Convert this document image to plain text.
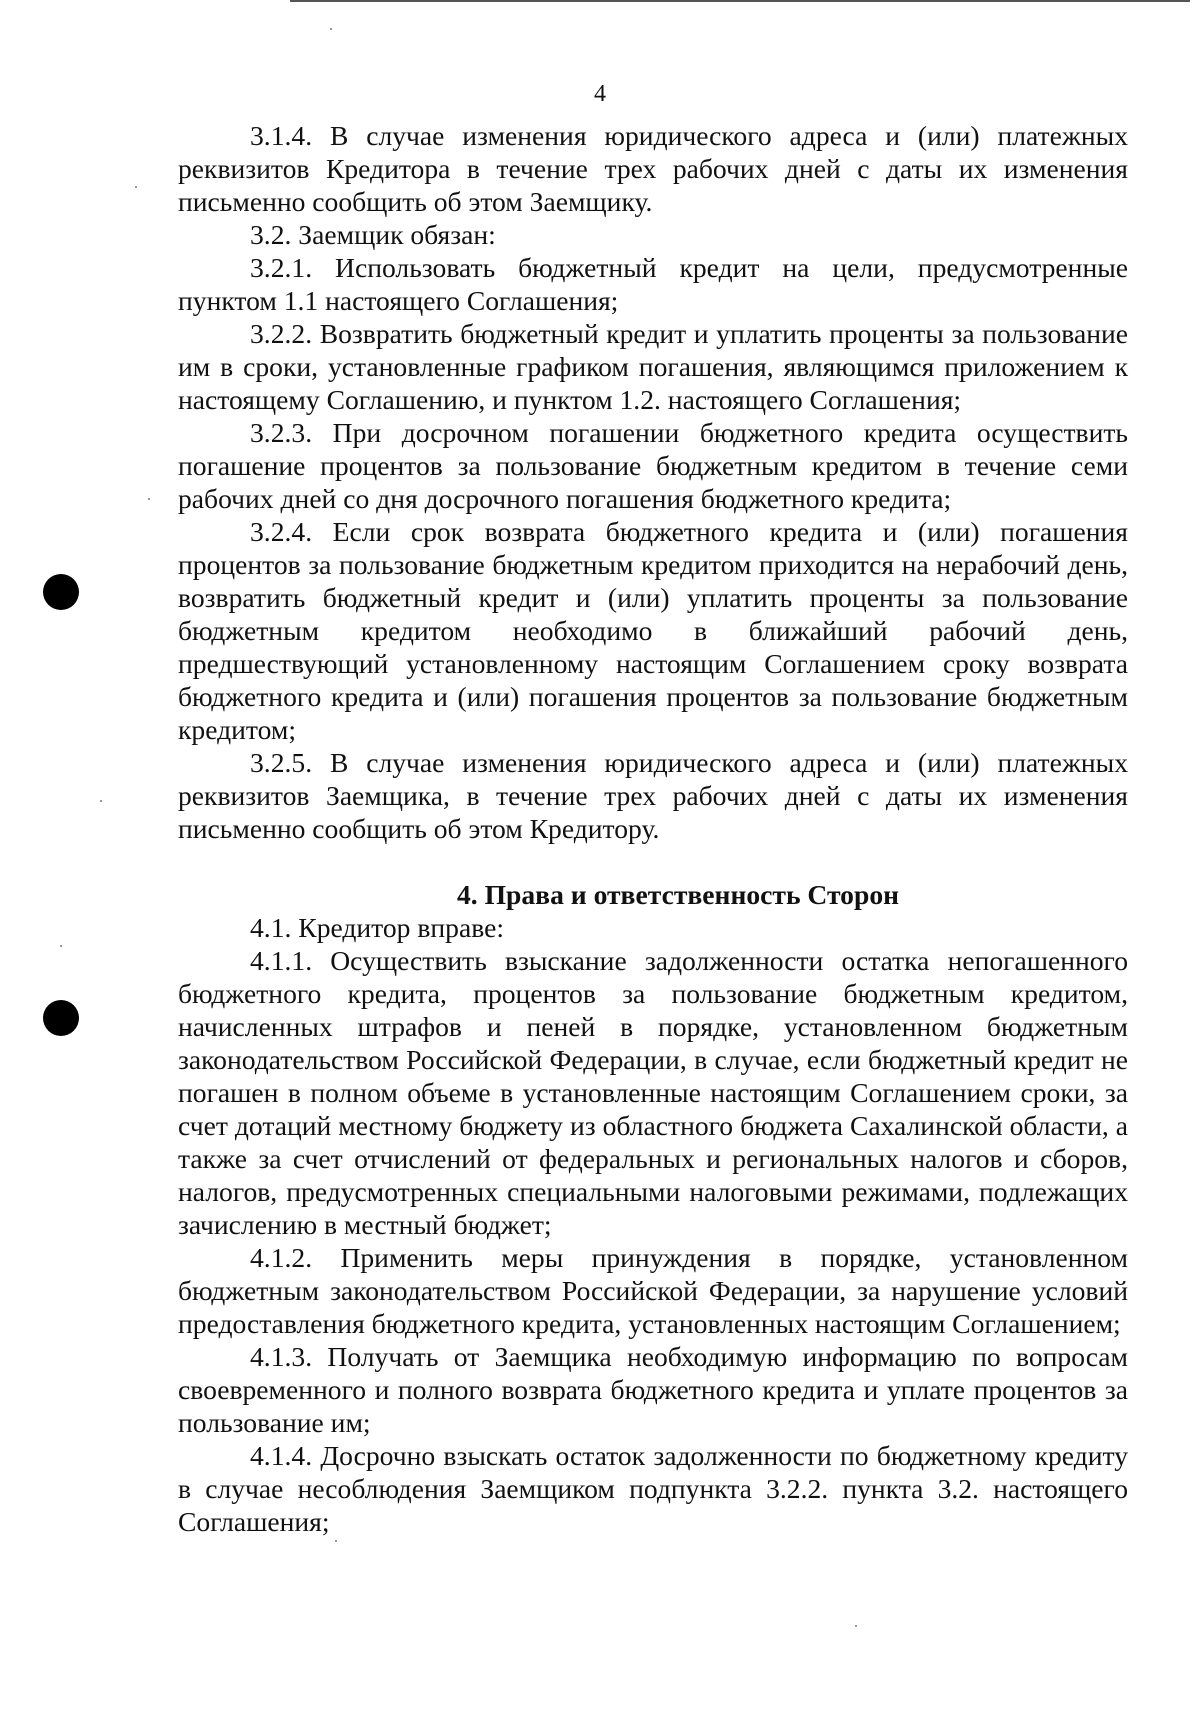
4

3.1.4. В случае изменения юридического адреса и (или) платежных реквизитов Кредитора в течение трех рабочих дней с даты их изменения письменно сообщить об этом Заемщику.

3.2. Заемщик обязан:

3.2.1. Использовать бюджетный кредит на цели, предусмотренные пунктом 1.1 настоящего Соглашения;

3.2.2. Возвратить бюджетный кредит и уплатить проценты за пользование им в сроки, установленные графиком погашения, являющимся приложением к настоящему Соглашению, и пунктом 1.2. настоящего Соглашения;

3.2.3. При досрочном погашении бюджетного кредита осуществить погашение процентов за пользование бюджетным кредитом в течение семи рабочих дней со дня досрочного погашения бюджетного кредита;

3.2.4. Если срок возврата бюджетного кредита и (или) погашения процентов за пользование бюджетным кредитом приходится на нерабочий день, возвратить бюджетный кредит и (или) уплатить проценты за пользование бюджетным кредитом необходимо в ближайший рабочий день, предшествующий установленному настоящим Соглашением сроку возврата бюджетного кредита и (или) погашения процентов за пользование бюджетным кредитом;

3.2.5. В случае изменения юридического адреса и (или) платежных реквизитов Заемщика, в течение трех рабочих дней с даты их изменения письменно сообщить об этом Кредитору.

4. Права и ответственность Сторон

4.1. Кредитор вправе:

4.1.1. Осуществить взыскание задолженности остатка непогашенного бюджетного кредита, процентов за пользование бюджетным кредитом, начисленных штрафов и пеней в порядке, установленном бюджетным законодательством Российской Федерации, в случае, если бюджетный кредит не погашен в полном объеме в установленные настоящим Соглашением сроки, за счет дотаций местному бюджету из областного бюджета Сахалинской области, а также за счет отчислений от федеральных и региональных налогов и сборов, налогов, предусмотренных специальными налоговыми режимами, подлежащих зачислению в местный бюджет;

4.1.2. Применить меры принуждения в порядке, установленном бюджетным законодательством Российской Федерации, за нарушение условий предоставления бюджетного кредита, установленных настоящим Соглашением;

4.1.3. Получать от Заемщика необходимую информацию по вопросам своевременного и полного возврата бюджетного кредита и уплате процентов за пользование им;

4.1.4. Досрочно взыскать остаток задолженности по бюджетному кредиту в случае несоблюдения Заемщиком подпункта 3.2.2. пункта 3.2. настоящего Соглашения;
